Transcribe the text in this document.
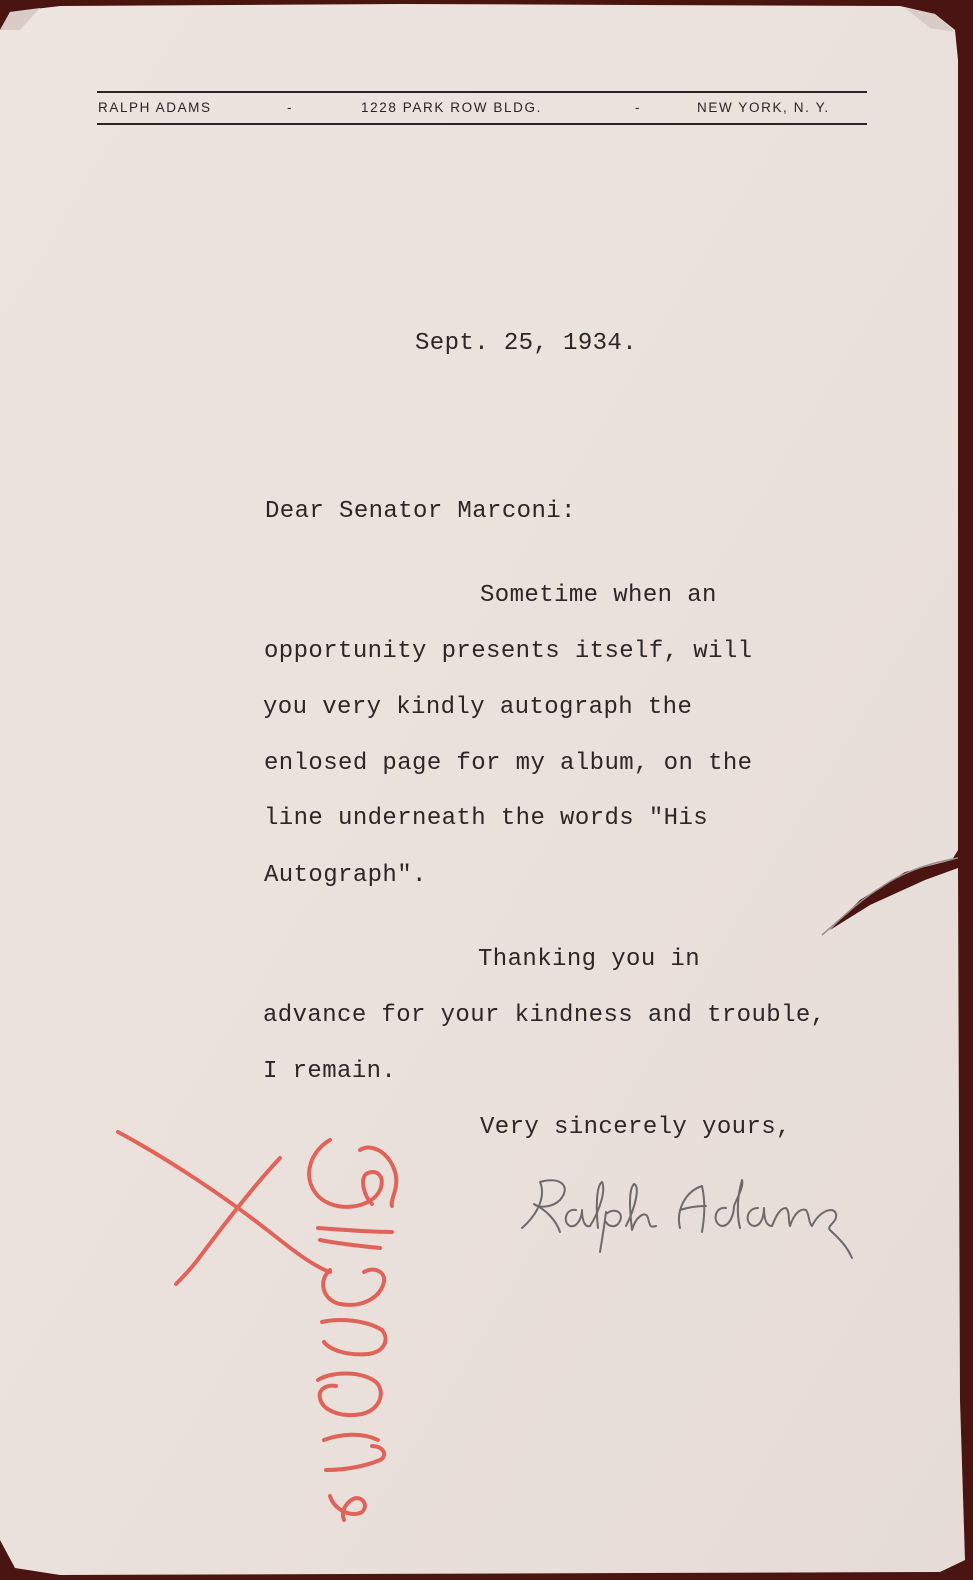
RALPH ADAMS	-	1228 PARK ROW BLDG.	-	NEW YORK, N. Y.
Sept. 25, 1934.
Dear Senator Marconi:
Sometime when an
opportunity presents itself, will
you very kindly autograph the
enlosed page for my album, on the
line underneath the words "His
Autograph".
Thanking you in
advance for your kindness and trouble,
I remain.
Very sincerely yours,
